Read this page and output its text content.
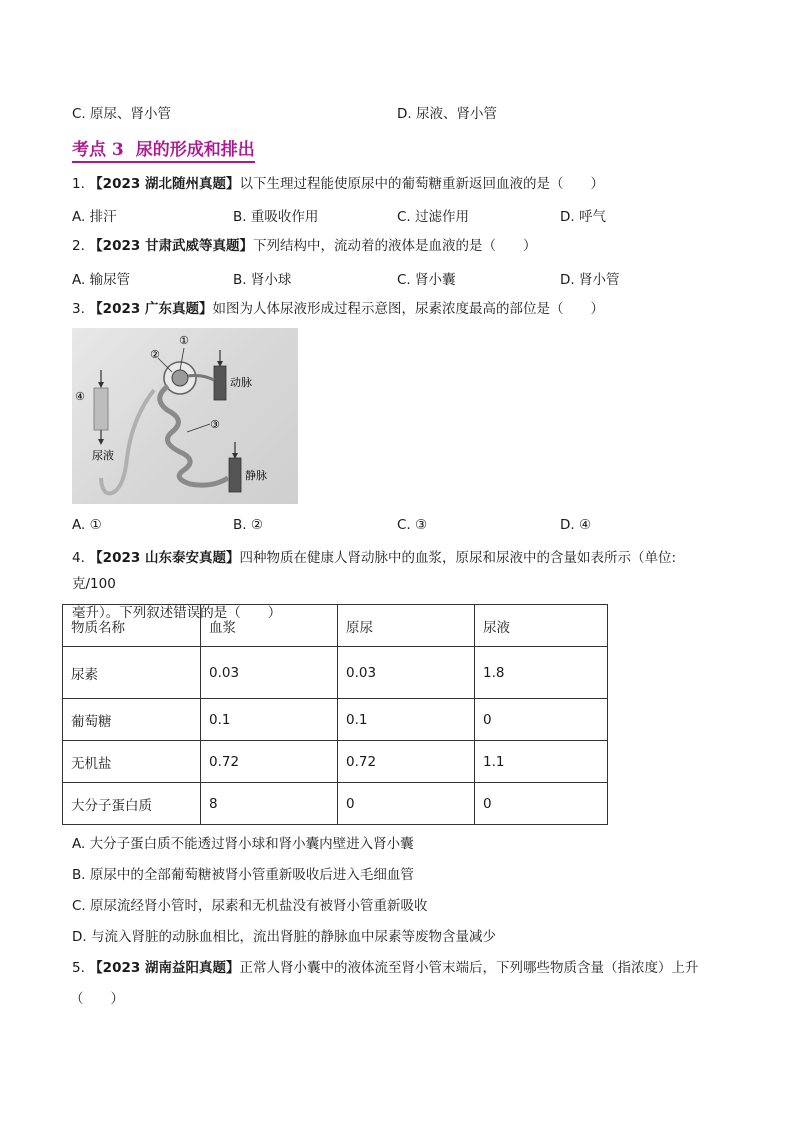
C. 原尿、肾小管	D. 尿液、肾小管
考点 3 尿的形成和排出
1. 【2023 湖北随州真题】以下生理过程能使原尿中的葡萄糖重新返回血液的是（　　）
A. 排汗	B. 重吸收作用	C. 过滤作用	D. 呼气
2. 【2023 甘肃武威等真题】下列结构中，流动着的液体是血液的是（　　）
A. 输尿管	B. 肾小球	C. 肾小囊	D. 肾小管
3. 【2023 广东真题】如图为人体尿液形成过程示意图，尿素浓度最高的部位是（　　）
①
②
③
④
动脉
尿液
静脉
A. ①	B. ②	C. ③	D. ④
4. 【2023 山东泰安真题】四种物质在健康人肾动脉中的血浆，原尿和尿液中的含量如表所示（单位: 克/100
毫升）。下列叙述错误的是（　　）
物质名称	血浆	原尿	尿液
尿素	0.03	0.03	1.8
葡萄糖	0.1	0.1	0
无机盐	0.72	0.72	1.1
大分子蛋白质	8	0	0
A. 大分子蛋白质不能透过肾小球和肾小囊内壁进入肾小囊
B. 原尿中的全部葡萄糖被肾小管重新吸收后进入毛细血管
C. 原尿流经肾小管时，尿素和无机盐没有被肾小管重新吸收
D. 与流入肾脏的动脉血相比，流出肾脏的静脉血中尿素等废物含量减少
5. 【2023 湖南益阳真题】正常人肾小囊中的液体流至肾小管末端后，下列哪些物质含量（指浓度）上升
（　　）
